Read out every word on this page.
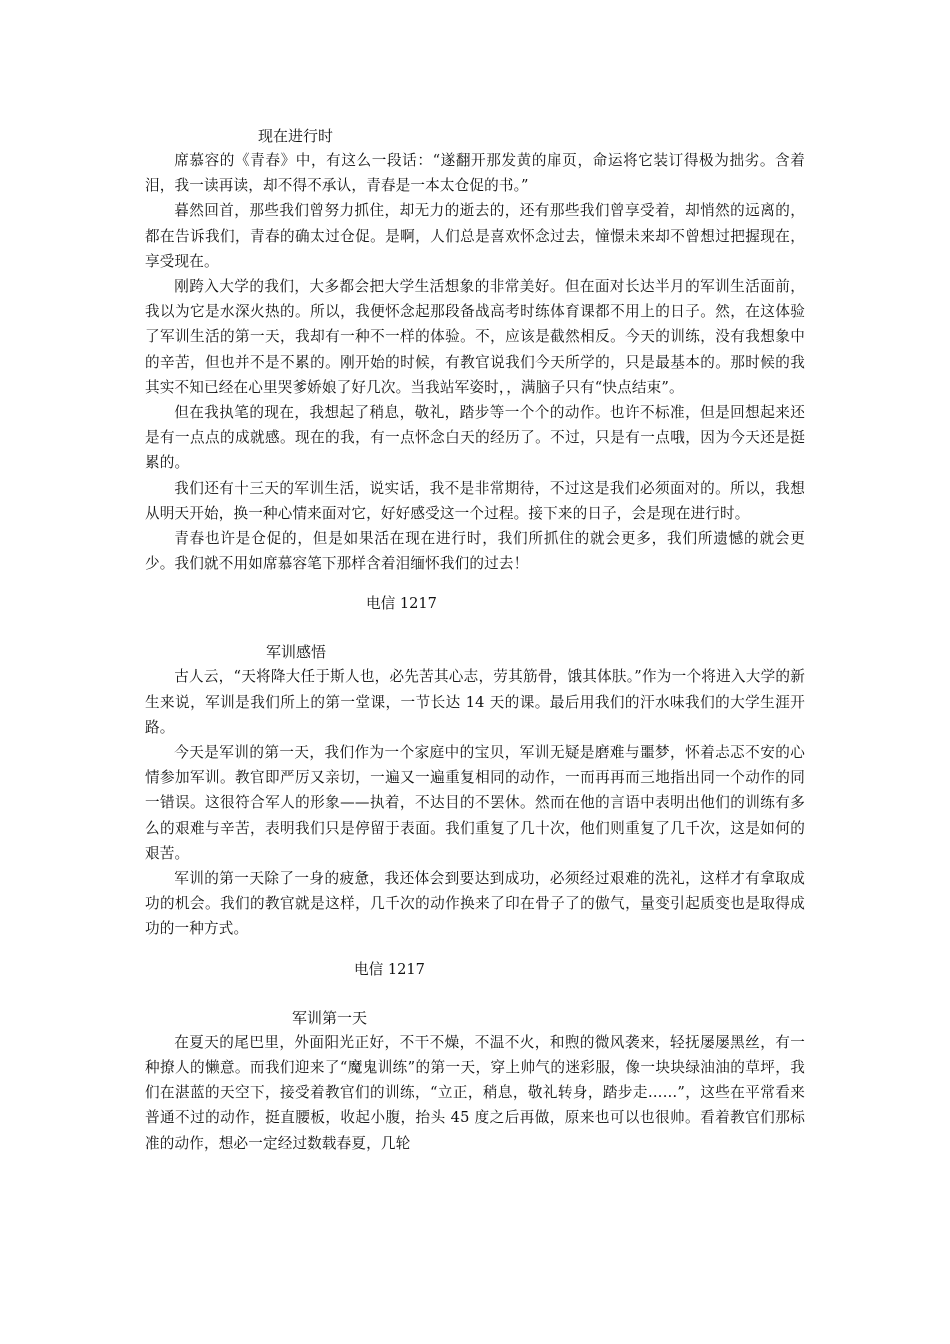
现在进行时

席慕容的《青春》中，有这么一段话：“遂翻开那发黄的扉页，命运将它装订得极为拙劣。含着泪，我一读再读，却不得不承认，青春是一本太仓促的书。”

暮然回首，那些我们曾努力抓住，却无力的逝去的，还有那些我们曾享受着，却悄然的远离的，都在告诉我们，青春的确太过仓促。是啊，人们总是喜欢怀念过去，憧憬未来却不曾想过把握现在，享受现在。

刚跨入大学的我们，大多都会把大学生活想象的非常美好。但在面对长达半月的军训生活面前，我以为它是水深火热的。所以，我便怀念起那段备战高考时练体育课都不用上的日子。然，在这体验了军训生活的第一天，我却有一种不一样的体验。不，应该是截然相反。今天的训练，没有我想象中的辛苦，但也并不是不累的。刚开始的时候，有教官说我们今天所学的，只是最基本的。那时候的我其实不知已经在心里哭爹娇娘了好几次。当我站军姿时，，满脑子只有“快点结束”。

但在我执笔的现在，我想起了稍息，敬礼，踏步等一个个的动作。也许不标准，但是回想起来还是有一点点的成就感。现在的我，有一点怀念白天的经历了。不过，只是有一点哦，因为今天还是挺累的。

我们还有十三天的军训生活，说实话，我不是非常期待，不过这是我们必须面对的。所以，我想从明天开始，换一种心情来面对它，好好感受这一个过程。接下来的日子，会是现在进行时。

青春也许是仓促的，但是如果活在现在进行时，我们所抓住的就会更多，我们所遗憾的就会更少。我们就不用如席慕容笔下那样含着泪缅怀我们的过去！

电信 1217
军训感悟

古人云，“天将降大任于斯人也，必先苦其心志，劳其筋骨，饿其体肤。”作为一个将进入大学的新生来说，军训是我们所上的第一堂课，一节长达 14 天的课。最后用我们的汗水味我们的大学生涯开路。

今天是军训的第一天，我们作为一个家庭中的宝贝，军训无疑是磨难与噩梦，怀着忐忑不安的心情参加军训。教官即严厉又亲切，一遍又一遍重复相同的动作，一而再再而三地指出同一个动作的同一错误。这很符合军人的形象——执着，不达目的不罢休。然而在他的言语中表明出他们的训练有多么的艰难与辛苦，表明我们只是停留于表面。我们重复了几十次，他们则重复了几千次，这是如何的艰苦。

军训的第一天除了一身的疲惫，我还体会到要达到成功，必须经过艰难的洗礼，这样才有拿取成功的机会。我们的教官就是这样，几千次的动作换来了印在骨子了的傲气，量变引起质变也是取得成功的一种方式。

电信 1217
军训第一天

在夏天的尾巴里，外面阳光正好，不干不燥，不温不火，和煦的微风袭来，轻抚屡屡黑丝，有一种撩人的懒意。而我们迎来了“魔鬼训练”的第一天，穿上帅气的迷彩服，像一块块绿油油的草坪，我们在湛蓝的天空下，接受着教官们的训练，“立正，稍息，敬礼转身，踏步走……”，这些在平常看来普通不过的动作，挺直腰板，收起小腹，抬头 45 度之后再做，原来也可以也很帅。看着教官们那标准的动作，想必一定经过数载春夏，几轮
